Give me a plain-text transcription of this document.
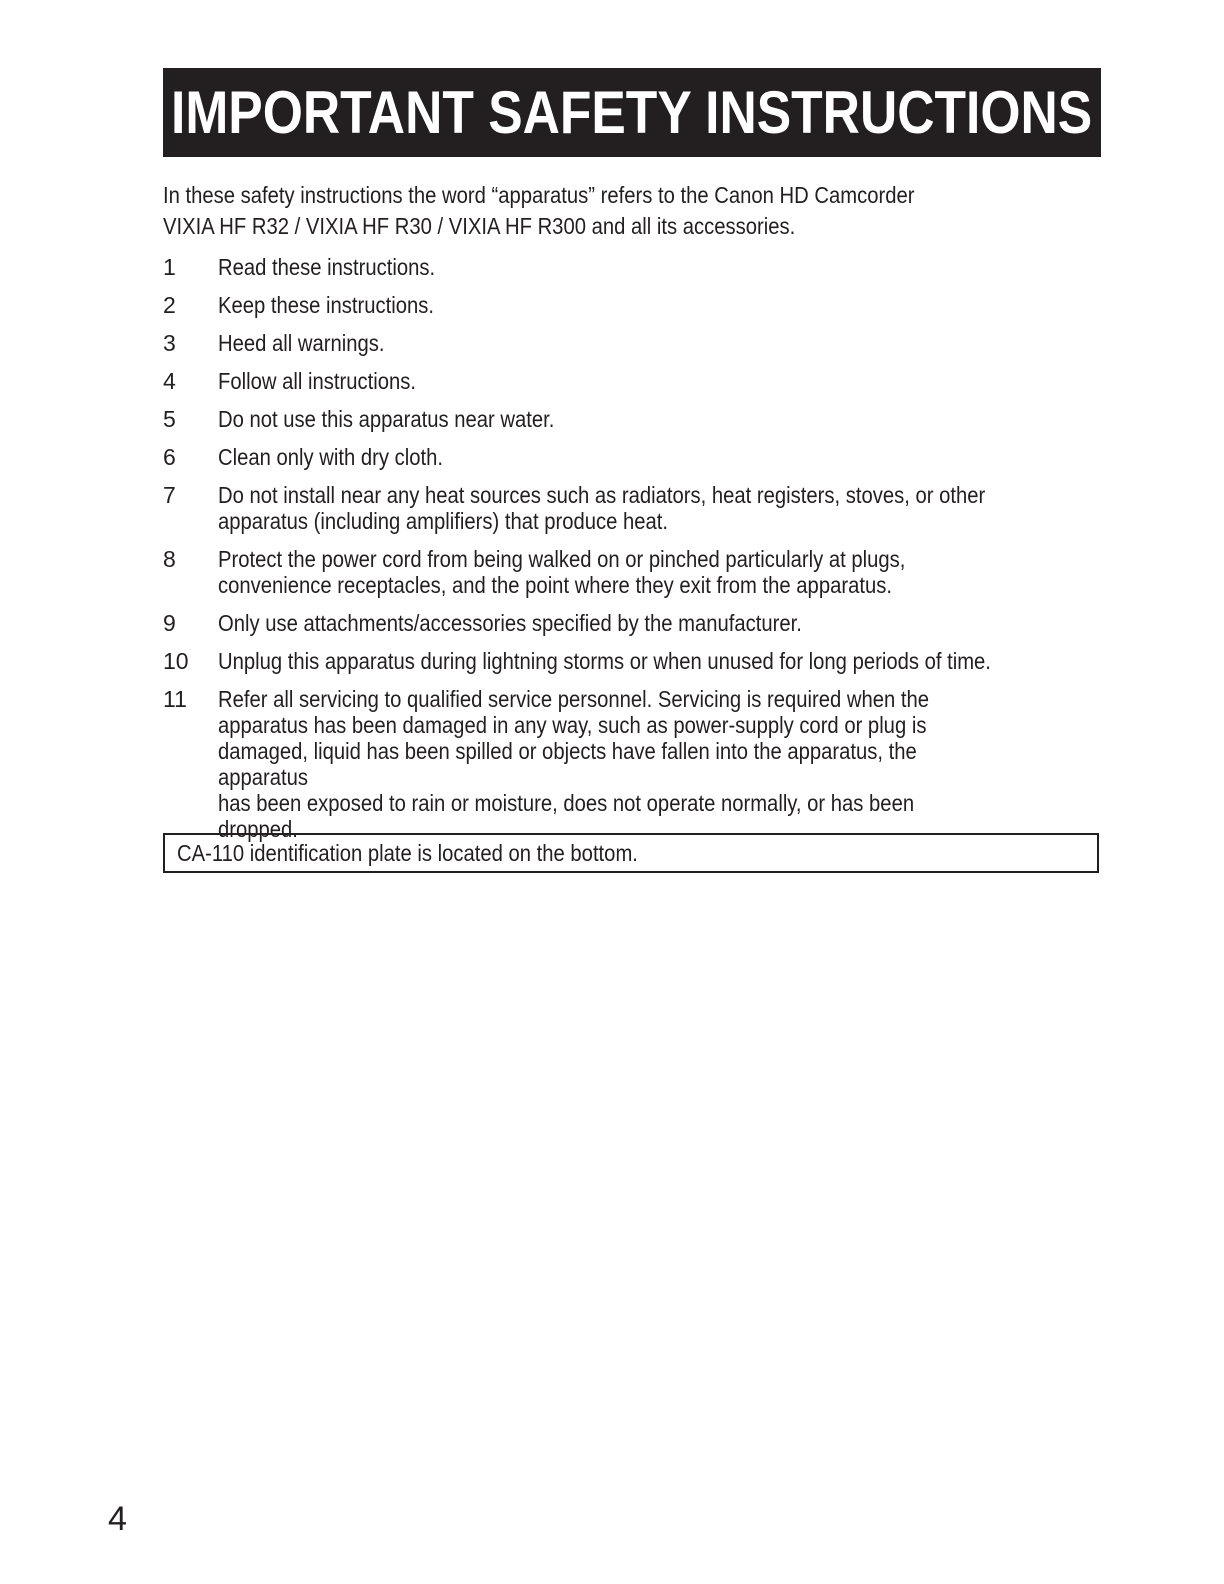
IMPORTANT SAFETY INSTRUCTIONS

In these safety instructions the word “apparatus” refers to the Canon HD Camcorder

VIXIA HF R32 / VIXIA HF R30 / VIXIA HF R300 and all its accessories.

1	Read these instructions.
2	Keep these instructions.
3	Heed all warnings.
4	Follow all instructions.
5	Do not use this apparatus near water.
6	Clean only with dry cloth.
7	Do not install near any heat sources such as radiators, heat registers, stoves, or other
apparatus (including amplifiers) that produce heat.
8	Protect the power cord from being walked on or pinched particularly at plugs,
convenience receptacles, and the point where they exit from the apparatus.
9	Only use attachments/accessories specified by the manufacturer.
10	Unplug this apparatus during lightning storms or when unused for long periods of time.
11	Refer all servicing to qualified service personnel. Servicing is required when the
apparatus has been damaged in any way, such as power-supply cord or plug is
damaged, liquid has been spilled or objects have fallen into the apparatus, the apparatus
has been exposed to rain or moisture, does not operate normally, or has been dropped.
CA-110 identification plate is located on the bottom.
4
